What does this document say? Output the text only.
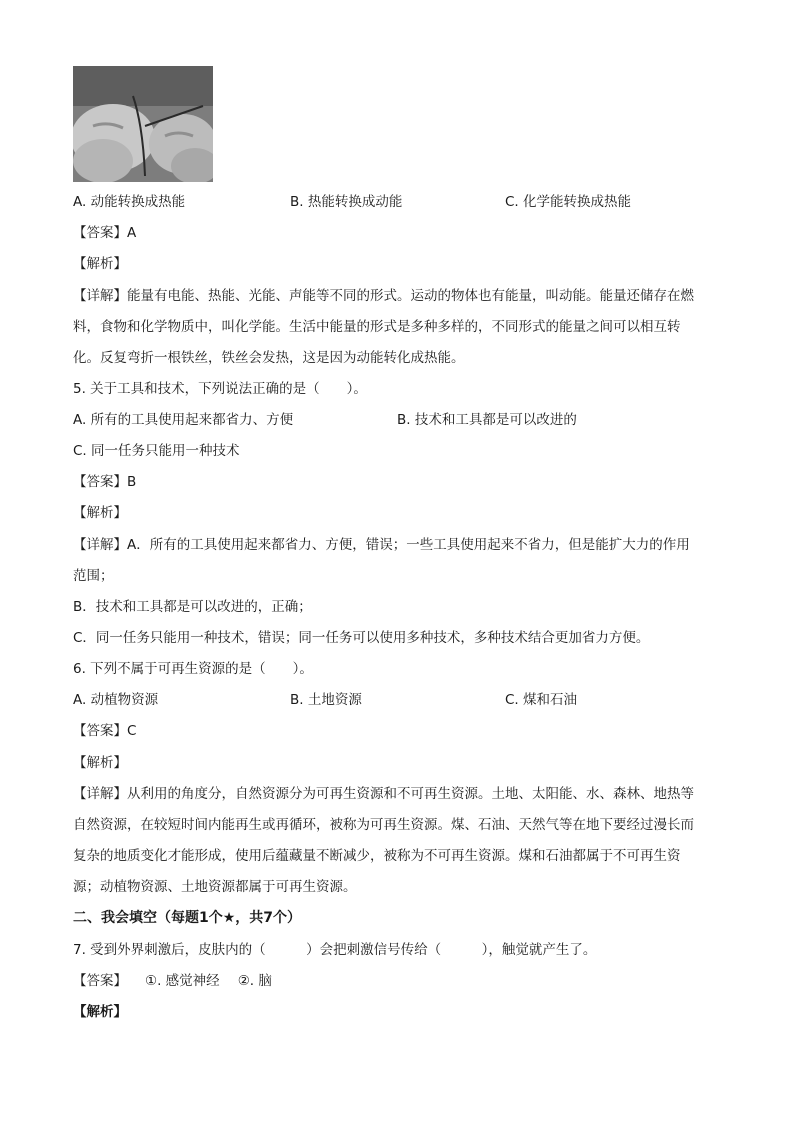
A. 动能转换成热能	B. 热能转换成动能	C. 化学能转换成热能
【答案】A
【解析】
【详解】能量有电能、热能、光能、声能等不同的形式。运动的物体也有能量，叫动能。能量还储存在燃
料，食物和化学物质中，叫化学能。生活中能量的形式是多种多样的，不同形式的能量之间可以相互转
化。反复弯折一根铁丝，铁丝会发热，这是因为动能转化成热能。
5. 关于工具和技术，下列说法正确的是（　　）。
A. 所有的工具使用起来都省力、方便	B. 技术和工具都是可以改进的
C. 同一任务只能用一种技术
【答案】B
【解析】
【详解】A．所有的工具使用起来都省力、方便，错误；一些工具使用起来不省力，但是能扩大力的作用
范围；
B．技术和工具都是可以改进的，正确；
C．同一任务只能用一种技术，错误；同一任务可以使用多种技术，多种技术结合更加省力方便。
6. 下列不属于可再生资源的是（　　）。
A. 动植物资源	B. 土地资源	C. 煤和石油
【答案】C
【解析】
【详解】从利用的角度分，自然资源分为可再生资源和不可再生资源。土地、太阳能、水、森林、地热等
自然资源，在较短时间内能再生或再循环，被称为可再生资源。煤、石油、天然气等在地下要经过漫长而
复杂的地质变化才能形成，使用后蕴藏量不断减少，被称为不可再生资源。煤和石油都属于不可再生资
源；动植物资源、土地资源都属于可再生资源。
二、我会填空（每题1个★，共7个）
7. 受到外界刺激后，皮肤内的（　　　）会把刺激信号传给（　　　），触觉就产生了。
【答案】 ①. 感觉神经 ②. 脑
【解析】
